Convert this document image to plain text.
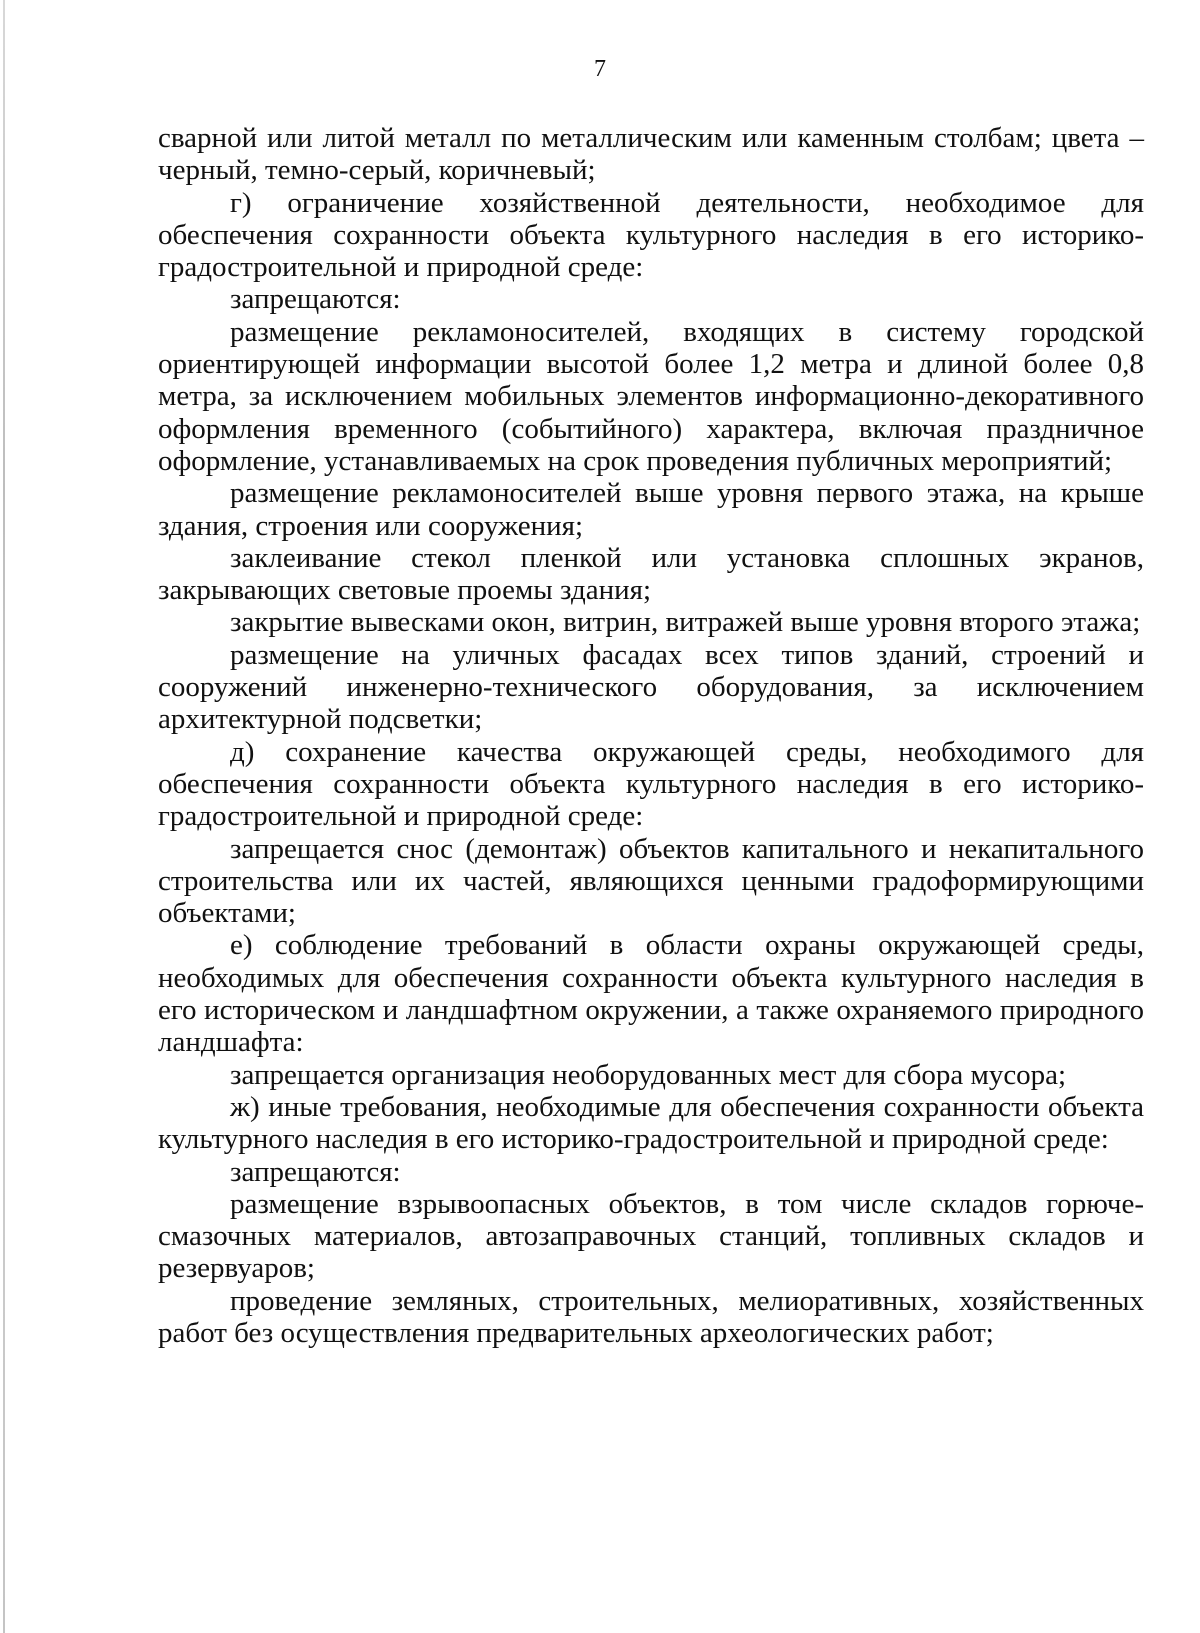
7

сварной или литой металл по металлическим или каменным столбам; цвета – черный, темно-серый, коричневый;

г) ограничение хозяйственной деятельности, необходимое для обеспечения сохранности объекта культурного наследия в его историко-градостроительной и природной среде:

запрещаются:

размещение рекламоносителей, входящих в систему городской ориентирующей информации высотой более 1,2 метра и длиной более 0,8 метра, за исключением мобильных элементов информационно-декоративного оформления временного (событийного) характера, включая праздничное оформление, устанавливаемых на срок проведения публичных мероприятий;

размещение рекламоносителей выше уровня первого этажа, на крыше здания, строения или сооружения;

заклеивание стекол пленкой или установка сплошных экранов, закрывающих световые проемы здания;

закрытие вывесками окон, витрин, витражей выше уровня второго этажа;

размещение на уличных фасадах всех типов зданий, строений и сооружений инженерно-технического оборудования, за исключением архитектурной подсветки;

д) сохранение качества окружающей среды, необходимого для обеспечения сохранности объекта культурного наследия в его историко-градостроительной и природной среде:

запрещается снос (демонтаж) объектов капитального и некапитального строительства или их частей, являющихся ценными градоформирующими объектами;

е) соблюдение требований в области охраны окружающей среды, необходимых для обеспечения сохранности объекта культурного наследия в его историческом и ландшафтном окружении, а также охраняемого природного ландшафта:

запрещается организация необорудованных мест для сбора мусора;

ж) иные требования, необходимые для обеспечения сохранности объекта культурного наследия в его историко-градостроительной и природной среде:

запрещаются:

размещение взрывоопасных объектов, в том числе складов горюче-смазочных материалов, автозаправочных станций, топливных складов и резервуаров;

проведение земляных, строительных, мелиоративных, хозяйственных работ без осуществления предварительных археологических работ;
